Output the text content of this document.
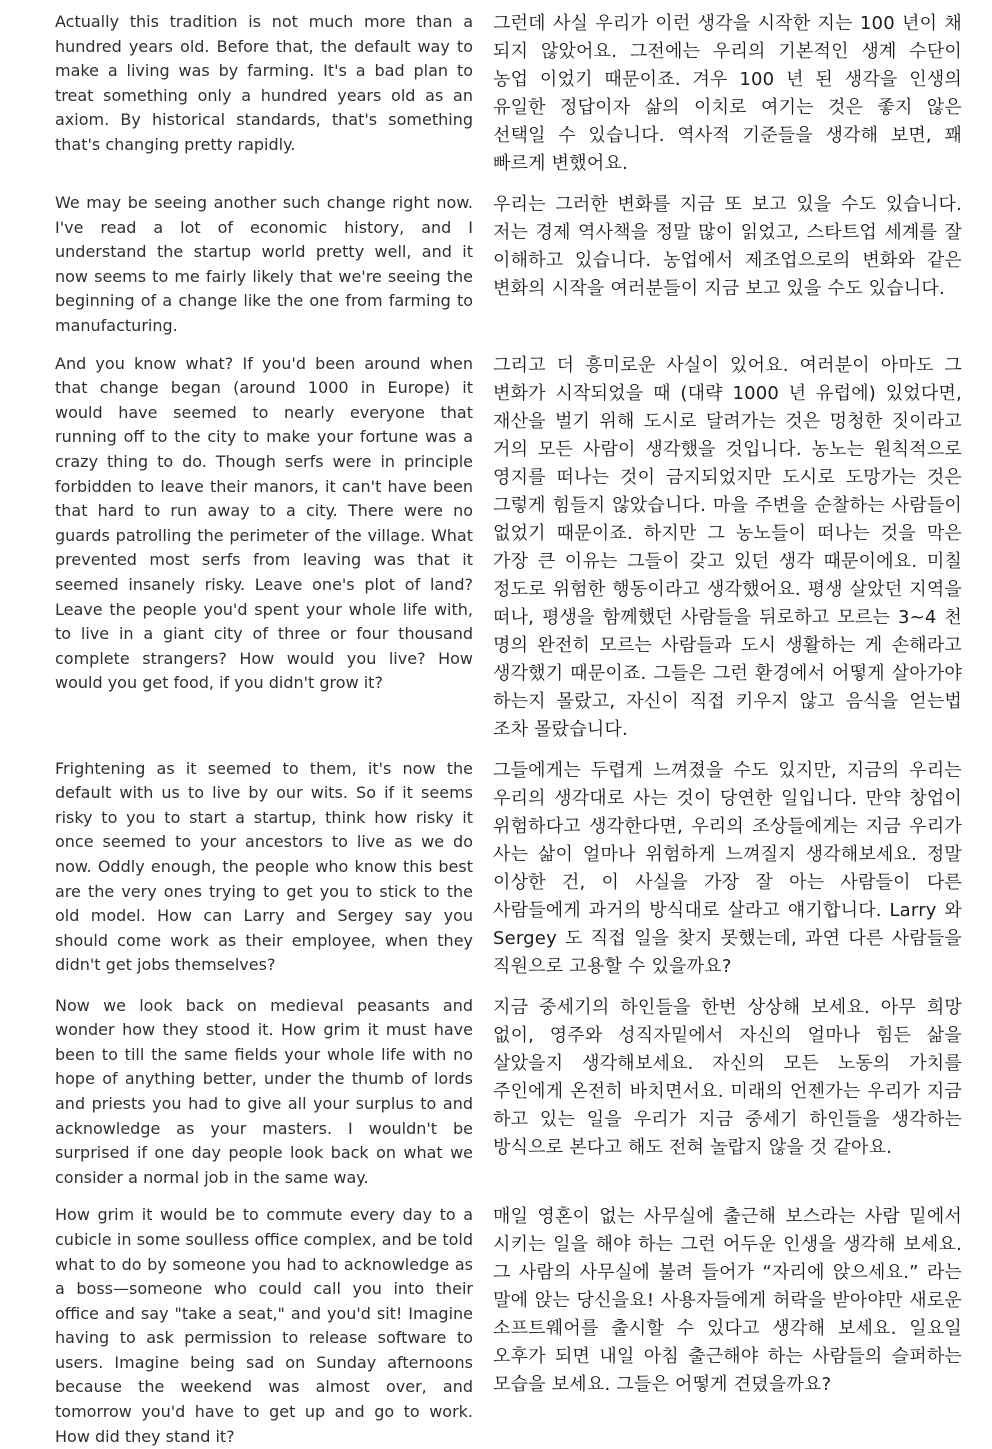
Actually this tradition is not much more than a hundred years old. Before that, the default way to make a living was by farming. It's a bad plan to treat something only a hundred years old as an axiom. By historical standards, that's something that's changing pretty rapidly.

그런데 사실 우리가 이런 생각을 시작한 지는 100 년이 채 되지 않았어요. 그전에는 우리의 기본적인 생계 수단이 농업 이었기 때문이죠. 겨우 100 년 된 생각을 인생의 유일한 정답이자 삶의 이치로 여기는 것은 좋지 않은 선택일 수 있습니다. 역사적 기준들을 생각해 보면, 꽤 빠르게 변했어요.

We may be seeing another such change right now. I've read a lot of economic history, and I understand the startup world pretty well, and it now seems to me fairly likely that we're seeing the beginning of a change like the one from farming to manufacturing.

우리는 그러한 변화를 지금 또 보고 있을 수도 있습니다. 저는 경제 역사책을 정말 많이 읽었고, 스타트업 세계를 잘 이해하고 있습니다. 농업에서 제조업으로의 변화와 같은 변화의 시작을 여러분들이 지금 보고 있을 수도 있습니다.

And you know what? If you'd been around when that change began (around 1000 in Europe) it would have seemed to nearly everyone that running off to the city to make your fortune was a crazy thing to do. Though serfs were in principle forbidden to leave their manors, it can't have been that hard to run away to a city. There were no guards patrolling the perimeter of the village. What prevented most serfs from leaving was that it seemed insanely risky. Leave one's plot of land? Leave the people you'd spent your whole life with, to live in a giant city of three or four thousand complete strangers? How would you live? How would you get food, if you didn't grow it?

그리고 더 흥미로운 사실이 있어요. 여러분이 아마도 그 변화가 시작되었을 때 (대략 1000 년 유럽에) 있었다면, 재산을 벌기 위해 도시로 달려가는 것은 멍청한 짓이라고 거의 모든 사람이 생각했을 것입니다. 농노는 원칙적으로 영지를 떠나는 것이 금지되었지만 도시로 도망가는 것은 그렇게 힘들지 않았습니다. 마을 주변을 순찰하는 사람들이 없었기 때문이죠. 하지만 그 농노들이 떠나는 것을 막은 가장 큰 이유는 그들이 갖고 있던 생각 때문이에요. 미칠 정도로 위험한 행동이라고 생각했어요. 평생 살았던 지역을 떠나, 평생을 함께했던 사람들을 뒤로하고 모르는 3~4 천 명의 완전히 모르는 사람들과 도시 생활하는 게 손해라고 생각했기 때문이죠. 그들은 그런 환경에서 어떻게 살아가야 하는지 몰랐고, 자신이 직접 키우지 않고 음식을 얻는법 조차 몰랐습니다.

Frightening as it seemed to them, it's now the default with us to live by our wits. So if it seems risky to you to start a startup, think how risky it once seemed to your ancestors to live as we do now. Oddly enough, the people who know this best are the very ones trying to get you to stick to the old model. How can Larry and Sergey say you should come work as their employee, when they didn't get jobs themselves?

그들에게는 두렵게 느껴졌을 수도 있지만, 지금의 우리는 우리의 생각대로 사는 것이 당연한 일입니다. 만약 창업이 위험하다고 생각한다면, 우리의 조상들에게는 지금 우리가 사는 삶이 얼마나 위험하게 느껴질지 생각해보세요. 정말 이상한 건, 이 사실을 가장 잘 아는 사람들이 다른 사람들에게 과거의 방식대로 살라고 얘기합니다. Larry 와 Sergey 도 직접 일을 찾지 못했는데, 과연 다른 사람들을 직원으로 고용할 수 있을까요?

Now we look back on medieval peasants and wonder how they stood it. How grim it must have been to till the same fields your whole life with no hope of anything better, under the thumb of lords and priests you had to give all your surplus to and acknowledge as your masters. I wouldn't be surprised if one day people look back on what we consider a normal job in the same way.

지금 중세기의 하인들을 한번 상상해 보세요. 아무 희망 없이, 영주와 성직자밑에서 자신의 얼마나 힘든 삶을 살았을지 생각해보세요. 자신의 모든 노동의 가치를 주인에게 온전히 바치면서요. 미래의 언젠가는 우리가 지금 하고 있는 일을 우리가 지금 중세기 하인들을 생각하는 방식으로 본다고 해도 전혀 놀랍지 않을 것 같아요.

How grim it would be to commute every day to a cubicle in some soulless office complex, and be told what to do by someone you had to acknowledge as a boss—someone who could call you into their office and say "take a seat," and you'd sit! Imagine having to ask permission to release software to users. Imagine being sad on Sunday afternoons because the weekend was almost over, and tomorrow you'd have to get up and go to work. How did they stand it?

매일 영혼이 없는 사무실에 출근해 보스라는 사람 밑에서 시키는 일을 해야 하는 그런 어두운 인생을 생각해 보세요. 그 사람의 사무실에 불려 들어가 “자리에 앉으세요.” 라는 말에 앉는 당신을요! 사용자들에게 허락을 받아야만 새로운 소프트웨어를 출시할 수 있다고 생각해 보세요. 일요일 오후가 되면 내일 아침 출근해야 하는 사람들의 슬퍼하는 모습을 보세요. 그들은 어떻게 견뎠을까요?
